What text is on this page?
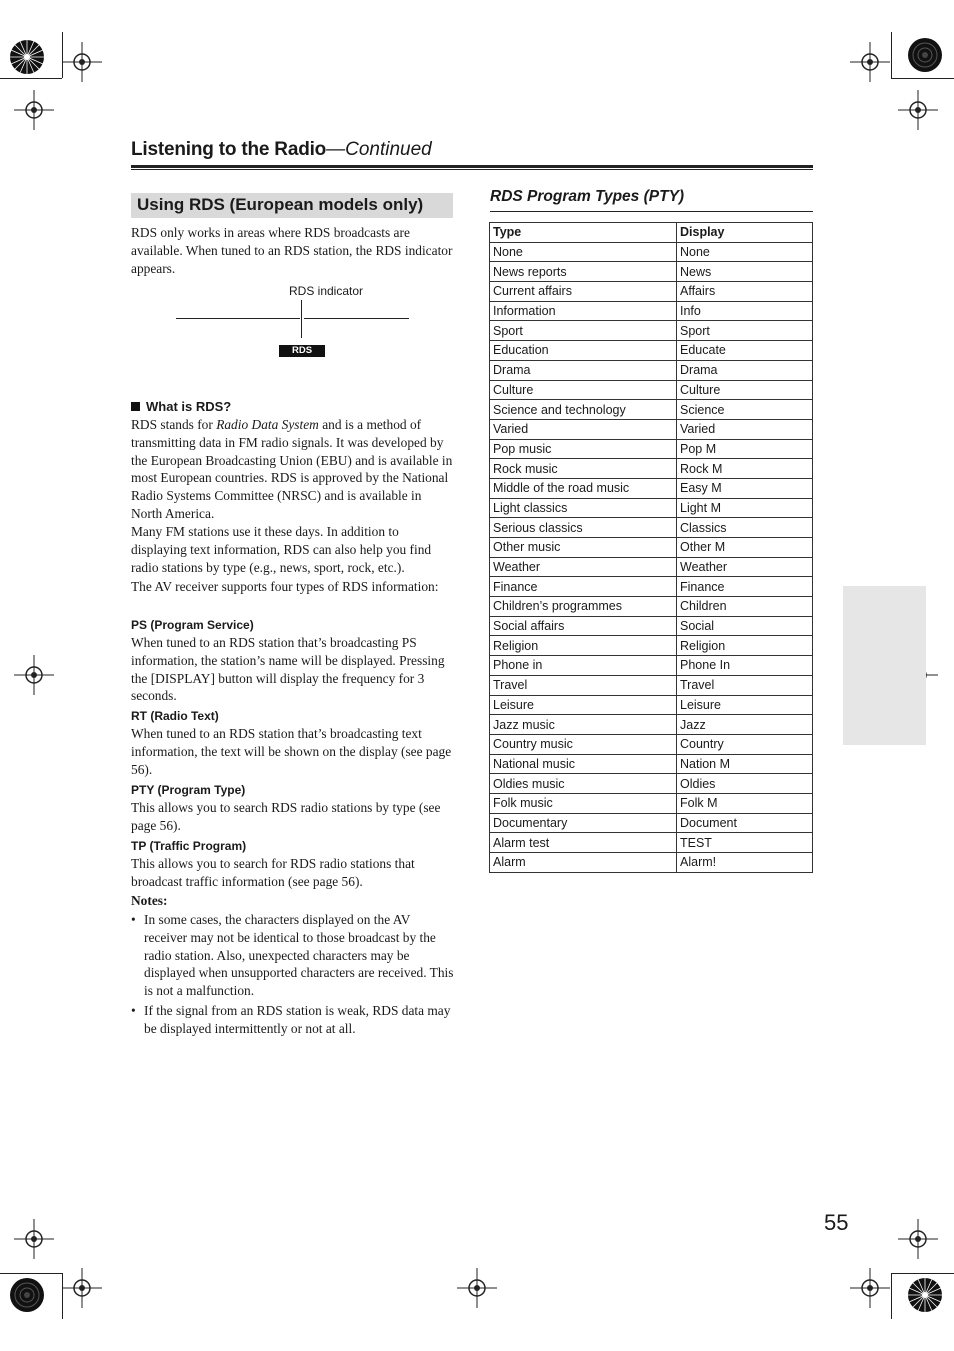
Listening to the Radio—Continued
Using RDS (European models only)

RDS only works in areas where RDS broadcasts are available. When tuned to an RDS station, the RDS indicator appears.

RDS indicator
RDS
What is RDS?

RDS stands for Radio Data System and is a method of transmitting data in FM radio signals. It was developed by the European Broadcasting Union (EBU) and is available in most European countries. RDS is approved by the National Radio Systems Committee (NRSC) and is available in North America.

Many FM stations use it these days. In addition to displaying text information, RDS can also help you find radio stations by type (e.g., news, sport, rock, etc.).

The AV receiver supports four types of RDS information:

PS (Program Service)

When tuned to an RDS station that’s broadcasting PS information, the station’s name will be displayed. Pressing the [DISPLAY] button will display the frequency for 3 seconds.

RT (Radio Text)

When tuned to an RDS station that’s broadcasting text information, the text will be shown on the display (see page 56).

PTY (Program Type)

This allows you to search RDS radio stations by type (see page 56).

TP (Traffic Program)

This allows you to search for RDS radio stations that broadcast traffic information (see page 56).

Notes:
• In some cases, the characters displayed on the AV receiver may not be identical to those broadcast by the radio station. Also, unexpected characters may be displayed when unsupported characters are received. This is not a malfunction.

• If the signal from an RDS station is weak, RDS data may be displayed intermittently or not at all.

RDS Program Types (PTY)
Type	Display
None	None
News reports	News
Current affairs	Affairs
Information	Info
Sport	Sport
Education	Educate
Drama	Drama
Culture	Culture
Science and technology	Science
Varied	Varied
Pop music	Pop M
Rock music	Rock M
Middle of the road music	Easy M
Light classics	Light M
Serious classics	Classics
Other music	Other M
Weather	Weather
Finance	Finance
Children’s programmes	Children
Social affairs	Social
Religion	Religion
Phone in	Phone In
Travel	Travel
Leisure	Leisure
Jazz music	Jazz
Country music	Country
National music	Nation M
Oldies music	Oldies
Folk music	Folk M
Documentary	Document
Alarm test	TEST
Alarm	Alarm!
55
